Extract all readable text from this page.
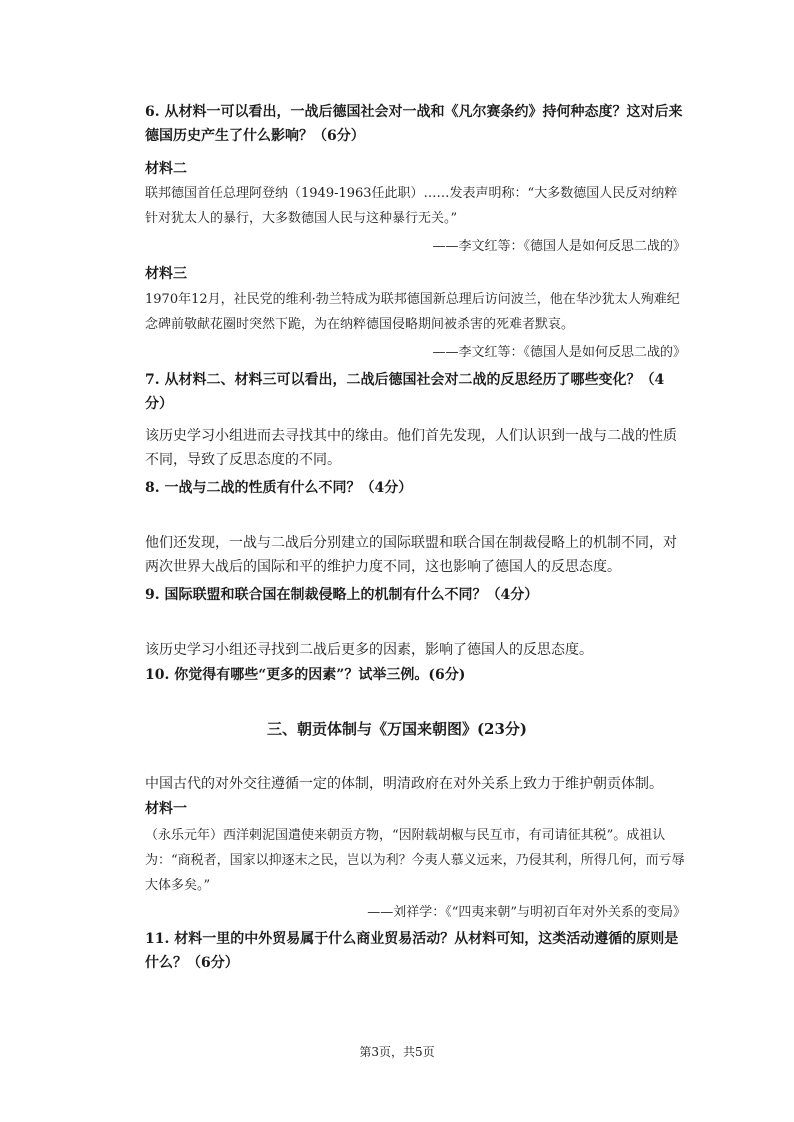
6. 从材料一可以看出，一战后德国社会对一战和《凡尔赛条约》持何种态度？这对后来德国历史产生了什么影响？（6分）
材料二
联邦德国首任总理阿登纳（1949-1963任此职）……发表声明称：“大多数德国人民反对纳粹针对犹太人的暴行，大多数德国人民与这种暴行无关。”
——李文红等：《德国人是如何反思二战的》
材料三
1970年12月，社民党的维利·勃兰特成为联邦德国新总理后访问波兰，他在华沙犹太人殉难纪念碑前敬献花圈时突然下跪，为在纳粹德国侵略期间被杀害的死难者默哀。
——李文红等：《德国人是如何反思二战的》
7. 从材料二、材料三可以看出，二战后德国社会对二战的反思经历了哪些变化？（4分）
该历史学习小组进而去寻找其中的缘由。他们首先发现，人们认识到一战与二战的性质不同，导致了反思态度的不同。
8. 一战与二战的性质有什么不同？（4分）
他们还发现，一战与二战后分别建立的国际联盟和联合国在制裁侵略上的机制不同，对两次世界大战后的国际和平的维护力度不同，这也影响了德国人的反思态度。
9. 国际联盟和联合国在制裁侵略上的机制有什么不同？（4分）
该历史学习小组还寻找到二战后更多的因素，影响了德国人的反思态度。
10. 你觉得有哪些“更多的因素”？试举三例。(6分)
三、朝贡体制与《万国来朝图》(23分)
中国古代的对外交往遵循一定的体制，明清政府在对外关系上致力于维护朝贡体制。
材料一
（永乐元年）西洋剌泥国遣使来朝贡方物，“因附载胡椒与民互市，有司请征其税”。成祖认为：“商税者，国家以抑逐末之民，岂以为利？今夷人慕义远来，乃侵其利，所得几何，而亏辱大体多矣。”
——刘祥学：《“四夷来朝”与明初百年对外关系的变局》
11. 材料一里的中外贸易属于什么商业贸易活动？从材料可知，这类活动遵循的原则是什么？（6分）
第3页，共5页
